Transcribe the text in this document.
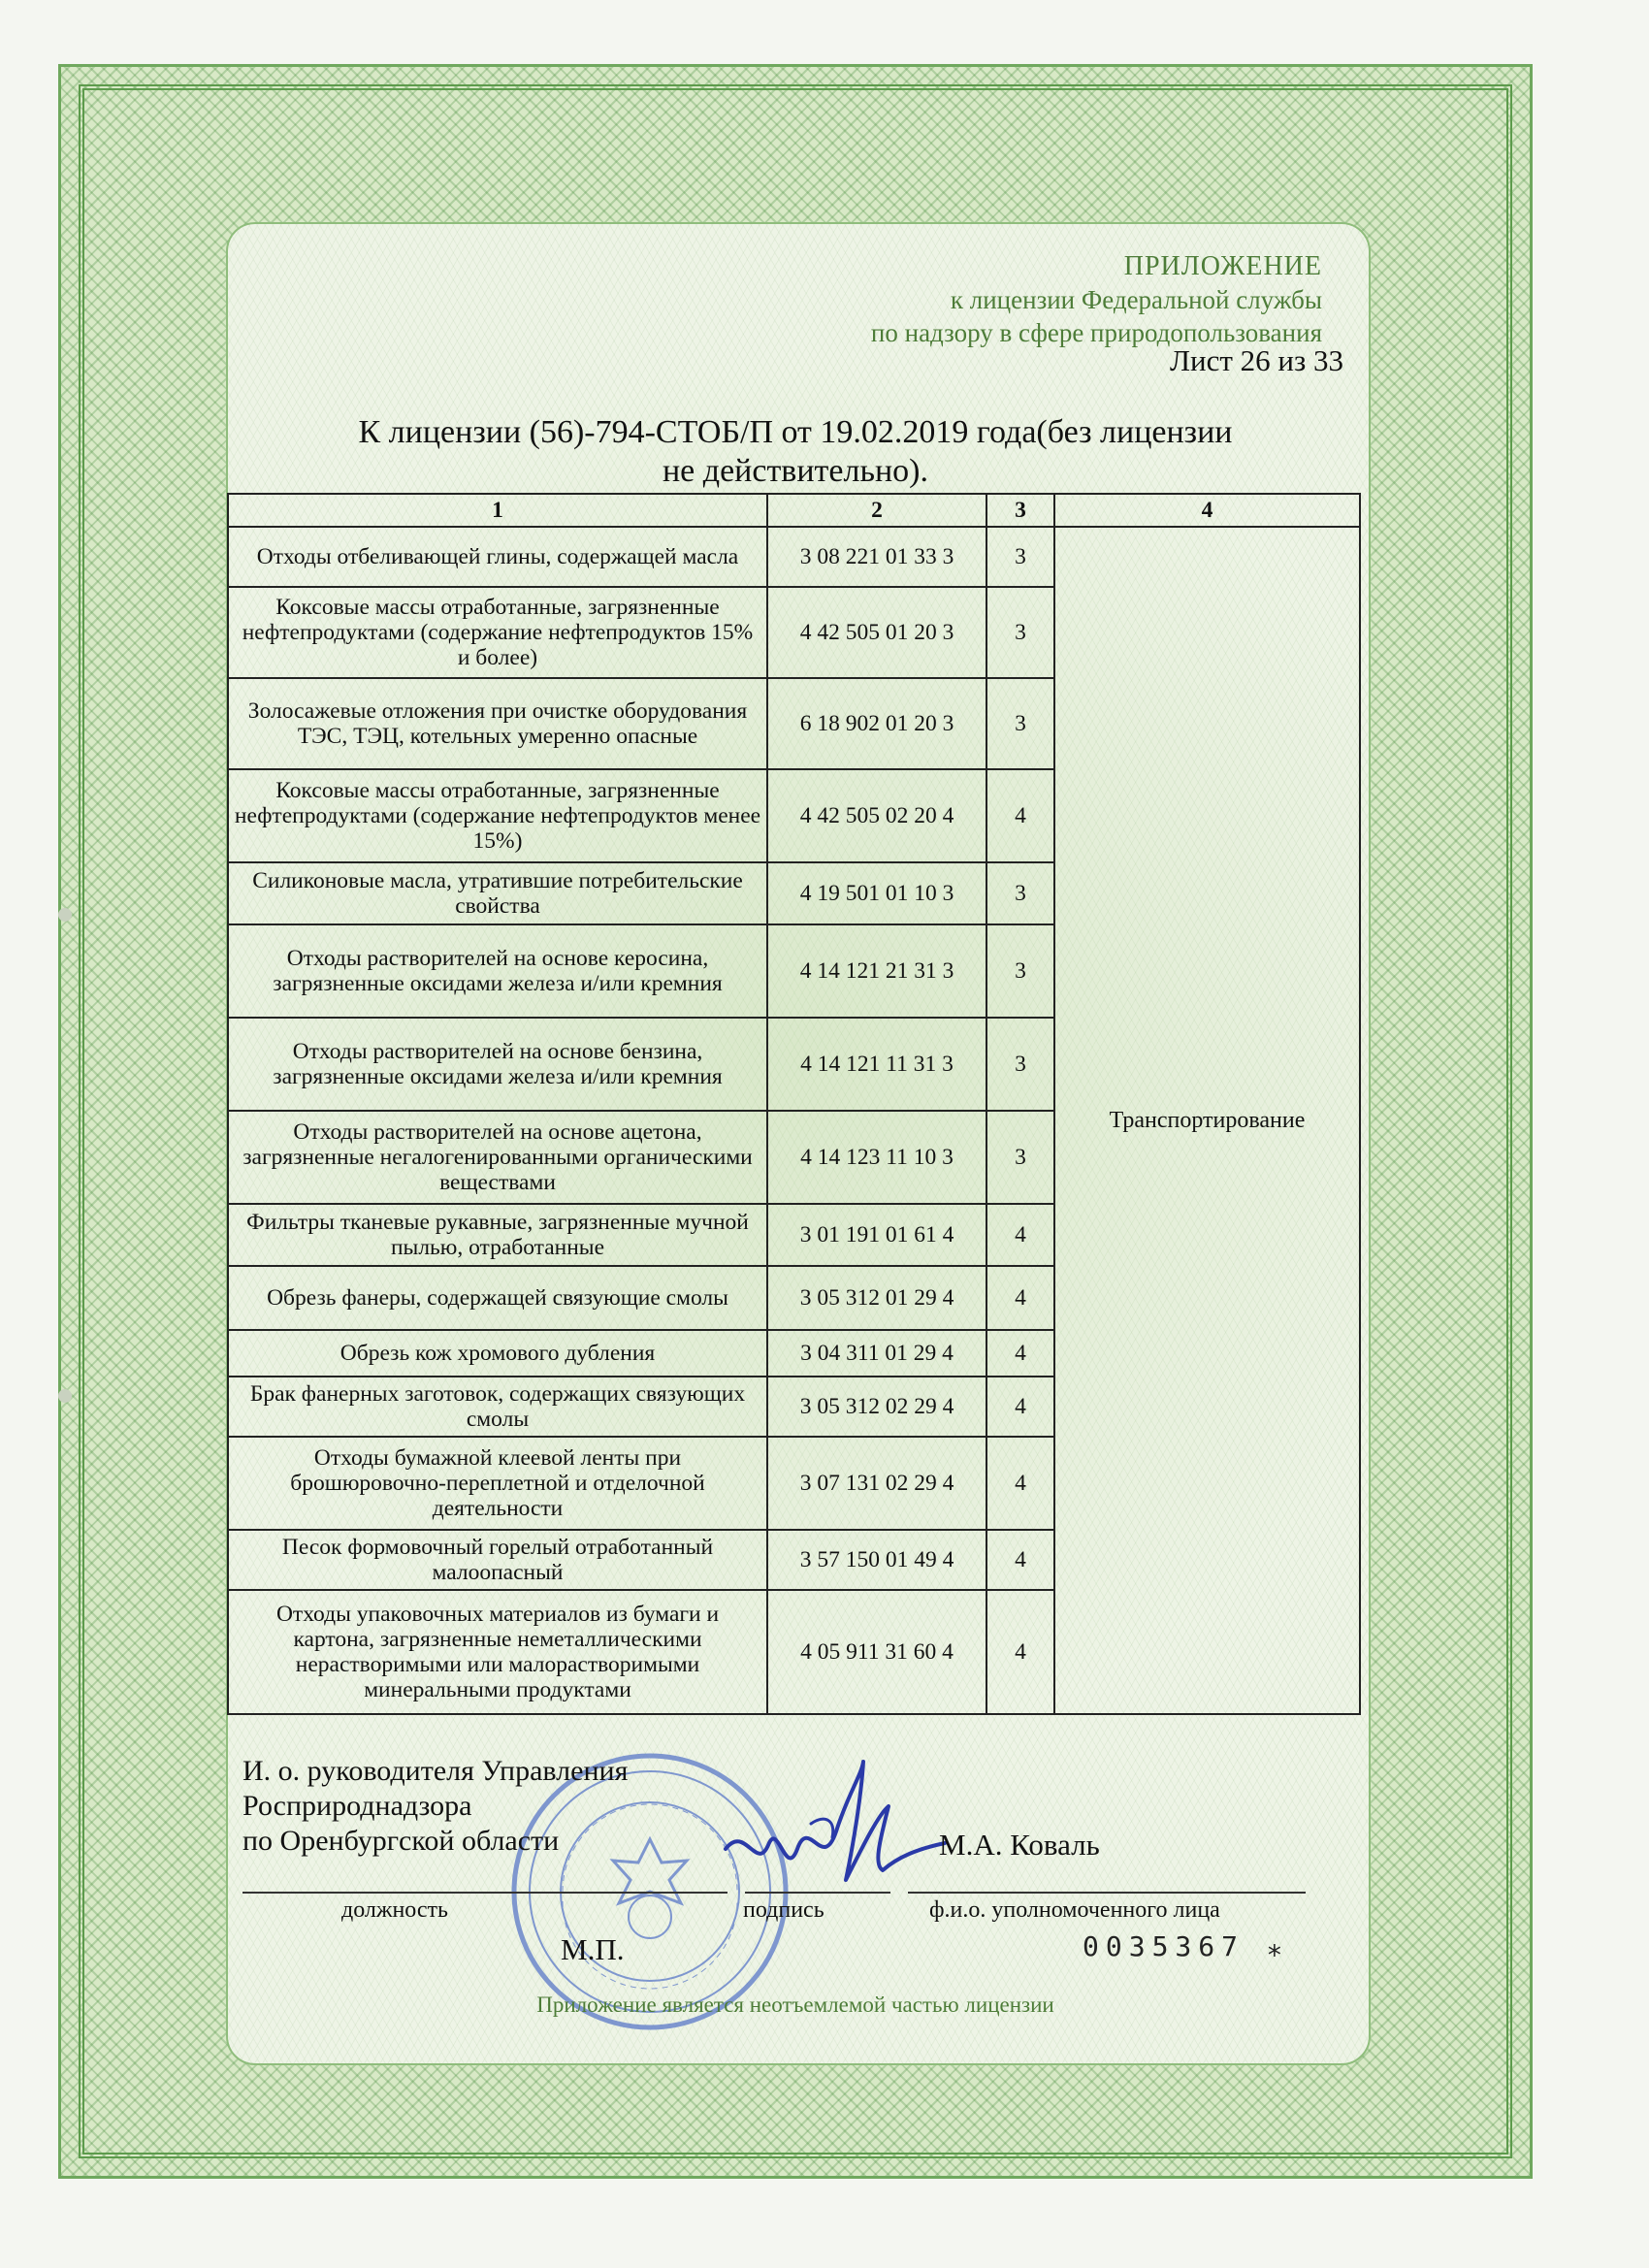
ПРИЛОЖЕНИЕ
к лицензии Федеральной службы
по надзору в сфере природопользования
Лист 26 из 33
К лицензии (56)-794-СТОБ/П от 19.02.2019 года(без лицензии
не действительно).
1	2	3	4
Отходы отбеливающей глины, содержащей масла	3 08 221 01 33 3	3	Транспортирование
Коксовые массы отработанные, загрязненные нефтепродуктами (содержание нефтепродуктов 15% и более)	4 42 505 01 20 3	3	
Золосажевые отложения при очистке оборудования ТЭС, ТЭЦ, котельных умеренно опасные	6 18 902 01 20 3	3	
Коксовые массы отработанные, загрязненные нефтепродуктами (содержание нефтепродуктов менее 15%)	4 42 505 02 20 4	4	
Силиконовые масла, утратившие потребительские свойства	4 19 501 01 10 3	3	
Отходы растворителей на основе керосина, загрязненные оксидами железа и/или кремния	4 14 121 21 31 3	3	
Отходы растворителей на основе бензина, загрязненные оксидами железа и/или кремния	4 14 121 11 31 3	3	
Отходы растворителей на основе ацетона, загрязненные негалогенированными органическими веществами	4 14 123 11 10 3	3	
Фильтры тканевые рукавные, загрязненные мучной пылью, отработанные	3 01 191 01 61 4	4	
Обрезь фанеры, содержащей связующие смолы	3 05 312 01 29 4	4	
Обрезь кож хромового дубления	3 04 311 01 29 4	4	
Брак фанерных заготовок, содержащих связующих смолы	3 05 312 02 29 4	4	
Отходы бумажной клеевой ленты при брошюровочно-переплетной и отделочной деятельности	3 07 131 02 29 4	4	
Песок формовочный горелый отработанный малоопасный	3 57 150 01 49 4	4	
Отходы упаковочных материалов из бумаги и картона, загрязненные неметаллическими нерастворимыми или малорастворимыми минеральными продуктами	4 05 911 31 60 4	4	
И. о. руководителя Управления
Росприроднадзора
по Оренбургской области	М.А. Коваль
должность	подпись	ф.и.о. уполномоченного лица
М.П.	0035367 ⁎
Приложение является неотъемлемой частью лицензии
